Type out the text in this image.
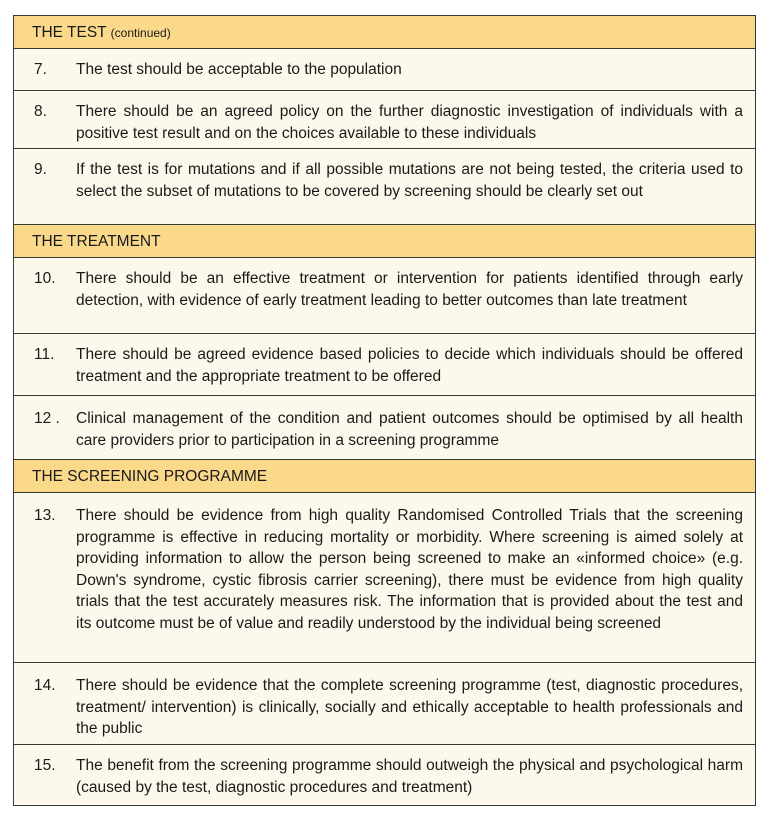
THE TEST (continued)
7.	The test should be acceptable to the population
8.	There should be an agreed policy on the further diagnostic investigation of individuals with a positive test result and on the choices available to these individuals
9.	If the test is for mutations and if all possible mutations are not being tested, the criteria used to select the subset of mutations to be covered by screening should be clearly set out
THE TREATMENT
10.	There should be an effective treatment or intervention for patients identified through early detection, with evidence of early treatment leading to better outcomes than late treatment
11.	There should be agreed evidence based policies to decide which individuals should be offered treatment and the appropriate treatment to be offered
12 .	Clinical management of the condition and patient outcomes should be optimised by all health care providers prior to participation in a screening programme
THE SCREENING PROGRAMME
13.	There should be evidence from high quality Randomised Controlled Trials that the screening programme is effective in reducing mortality or morbidity. Where screening is aimed solely at providing information to allow the person being screened to make an «informed choice» (e.g. Down's syndrome, cystic fibrosis carrier screening), there must be evidence from high quality trials that the test accurately measures risk. The information that is provided about the test and its outcome must be of value and readily understood by the individual being screened
14.	There should be evidence that the complete screening programme (test, diagnostic procedures, treatment/ intervention) is clinically, socially and ethically acceptable to health professionals and the public
15.	The benefit from the screening programme should outweigh the physical and psychological harm (caused by the test, diagnostic procedures and treatment)
